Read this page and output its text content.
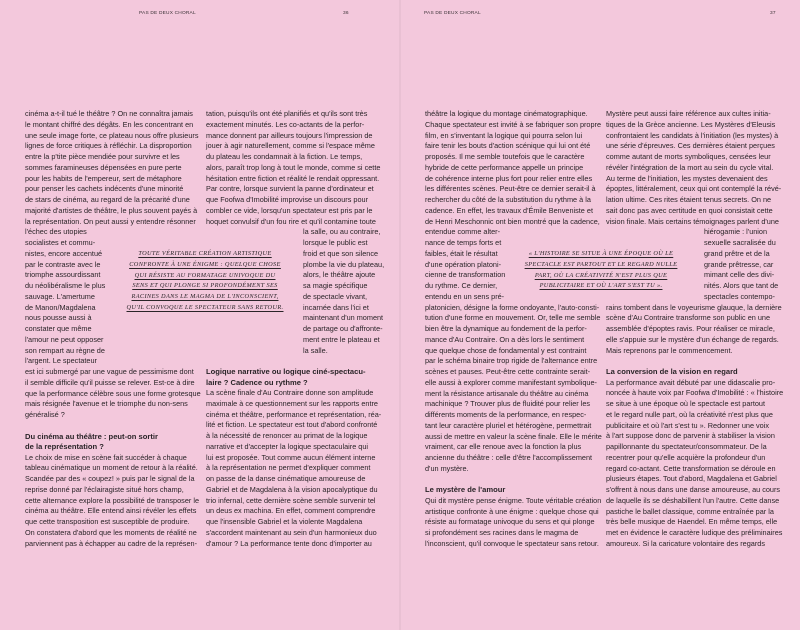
PAS DE DEUX CHORAL	36
cinéma a-t-il tué le théâtre ? On ne connaîtra jamais
le montant chiffré des dégâts. En les concentrant en
une seule image forte, ce plateau nous offre plusieurs
lignes de force critiques à réfléchir. La disproportion
entre la p'tite pièce mendiée pour survivre et les
sommes faramineuses dépensées en pure perte
pour les habits de l'empereur, sert de métaphore
pour penser les cachets indécents d'une minorité
de stars de cinéma, au regard de la précarité d'une
majorité d'artistes de théâtre, le plus souvent payés à
la représentation. On peut aussi y entendre résonner
l'échec des utopies
socialistes et commu-
nistes, encore accentué
par le contraste avec le
triomphe assourdissant
du néolibéralisme le plus
sauvage. L'amertume
de Manon/Magdalena
nous pousse aussi à
constater que même
l'amour ne peut opposer
son rempart au règne de
l'argent. Le spectateur
est ici submergé par une vague de pessimisme dont
il semble difficile qu'il puisse se relever. Est-ce à dire
que la performance célèbre sous une forme grotesque
mais résignée l'avenue et le triomphe du non-sens
généralisé ?
Du cinéma au théâtre : peut-on sortir
de la représentation ?
Le choix de mise en scène fait succéder à chaque
tableau cinématique un moment de retour à la réalité.
Scandée par des « coupez! » puis par le signal de la
reprise donné par l'éclairagiste situé hors champ,
cette alternance explore la possibilité de transposer le
cinéma au théâtre. Elle entend ainsi révéler les effets
que cette transposition est susceptible de produire.
On constatera d'abord que les moments de réalité ne
parviennent pas à échapper au cadre de la représen-
TOUTE VÉRITABLE CRÉATION ARTISTIQUE
CONFRONTE À UNE ÉNIGME : QUELQUE CHOSE
QUI RÉSISTE AU FORMATAGE UNIVOQUE DU
SENS ET QUI PLONGE SI PROFONDÉMENT SES
RACINES DANS LE MAGMA DE L'INCONSCIENT,
QU'IL CONVOQUE LE SPECTATEUR SANS RETOUR.
tation, puisqu'ils ont été planifiés et qu'ils sont très
exactement minutés. Les co-actants de la perfor-
mance donnent par ailleurs toujours l'impression de
jouer à agir naturellement, comme si l'espace même
du plateau les condamnait à la fiction. Le temps,
alors, paraît trop long à tout le monde, comme si cette
hésitation entre fiction et réalité le rendait oppressant.
Par contre, lorsque survient la panne d'ordinateur et
que Foofwa d'Imobilité improvise un discours pour
combler ce vide, lorsqu'un spectateur est pris par le
hoquet convulsif d'un fou rire et qu'il contamine toute
la salle, ou au contraire,
lorsque le public est
froid et que son silence
plombe la vie du plateau,
alors, le théâtre ajoute
sa magie spécifique
de spectacle vivant,
incarnée dans l'ici et
maintenant d'un moment
de partage ou d'affronte-
ment entre le plateau et
la salle.
Logique narrative ou logique ciné-spectacu-
laire ? Cadence ou rythme ?
La scène finale d'Au Contraire donne son amplitude
maximale à ce questionnement sur les rapports entre
cinéma et théâtre, performance et représentation, réa-
lité et fiction. Le spectateur est tout d'abord confronté
à la nécessité de renoncer au primat de la logique
narrative et d'accepter la logique spectaculaire qui
lui est proposée. Tout comme aucun élément interne
à la représentation ne permet d'expliquer comment
on passe de la danse cinématique amoureuse de
Gabriel et de Magdalena à la vision apocalyptique du
trio infernal, cette dernière scène semble survenir tel
un deus ex machina. En effet, comment comprendre
que l'insensible Gabriel et la violente Magdalena
s'accordent maintenant au sein d'un harmonieux duo
d'amour ? La performance tente donc d'importer au
PAS DE DEUX CHORAL	37
théâtre la logique du montage cinématographique.
Chaque spectateur est invité à se fabriquer son propre
film, en s'inventant la logique qui pourra selon lui
faire tenir les bouts d'action scénique qui lui ont été
proposés. Il me semble toutefois que le caractère
hybride de cette performance appelle un principe
de cohérence interne plus fort pour relier entre elles
les différentes scènes. Peut-être ce dernier serait-il à
rechercher du côté de la substitution du rythme à la
cadence. En effet, les travaux d'Émile Benveniste et
de Henri Meschonnic ont bien montré que la cadence,
entendue comme alter-
nance de temps forts et
faibles, était le résultat
d'une opération platoni-
cienne de transformation
du rythme. Ce dernier,
entendu en un sens pré-
platonicien, désigne la forme ondoyante, l'auto-consti-
tution d'une forme en mouvement. Or, telle me semble
bien être la dynamique au fondement de la perfor-
mance d'Au Contraire. On a dès lors le sentiment
que quelque chose de fondamental y est contraint
par le schéma binaire trop rigide de l'alternance entre
scènes et pauses. Peut-être cette contrainte serait-
elle aussi à explorer comme manifestant symbolique-
ment la résistance artisanale du théâtre au cinéma
machinique ? Trouver plus de fluidité pour relier les
différents moments de la performance, en respec-
tant leur caractère pluriel et hétérogène, permettrait
aussi de mettre en valeur la scène finale. Elle le mérite
vraiment, car elle renoue avec la fonction la plus
ancienne du théâtre : celle d'être l'accomplissement
d'un mystère.
Le mystère de l'amour
Qui dit mystère pense énigme. Toute véritable création
artistique confronte à une énigme : quelque chose qui
résiste au formatage univoque du sens et qui plonge
si profondément ses racines dans le magma de
l'inconscient, qu'il convoque le spectateur sans retour.
« L'HISTOIRE SE SITUE À UNE ÉPOQUE OÙ LE
SPECTACLE EST PARTOUT ET LE REGARD NULLE
PART, OÙ LA CRÉATIVITÉ N'EST PLUS QUE
PUBLICITAIRE ET OÙ L'ART S'EST TU ».
Mystère peut aussi faire référence aux cultes initia-
tiques de la Grèce ancienne. Les Mystères d'Eleusis
confrontaient les candidats à l'initiation (les mystes) à
une série d'épreuves. Ces dernières étaient perçues
comme autant de morts symboliques, censées leur
révéler l'intégration de la mort au sein du cycle vital.
Au terme de l'initiation, les mystes devenaient des
époptes, littéralement, ceux qui ont contemplé la révé-
lation ultime. Ces rites étaient tenus secrets. On ne
sait donc pas avec certitude en quoi consistait cette
vision finale. Mais certains témoignages parlent d'une
hiérogamie : l'union
sexuelle sacralisée du
grand prêtre et de la
grande prêtresse, car
mimant celle des divi-
nités. Alors que tant de
spectacles contempo-
rains tombent dans le voyeurisme glauque, la dernière
scène d'Au Contraire transforme son public en une
assemblée d'époptes ravis. Pour réaliser ce miracle,
elle s'appuie sur le mystère d'un échange de regards.
Mais reprenons par le commencement.
La conversion de la vision en regard
La performance avait débuté par une didascalie pro-
noncée à haute voix par Foofwa d'Imobilité : « l'histoire
se situe à une époque où le spectacle est partout
et le regard nulle part, où la créativité n'est plus que
publicitaire et où l'art s'est tu ». Redonner une voix
à l'art suppose donc de parvenir à stabiliser la vision
papillonnante du spectateur/consommateur. De la
recentrer pour qu'elle acquière la profondeur d'un
regard co-actant. Cette transformation se déroule en
plusieurs étapes. Tout d'abord, Magdalena et Gabriel
s'offrent à nous dans une danse amoureuse, au cours
de laquelle ils se déshabillent l'un l'autre. Cette danse
pastiche le ballet classique, comme entraînée par la
très belle musique de Haendel. En même temps, elle
met en évidence le caractère ludique des préliminaires
amoureux. Si la caricature volontaire des regards
